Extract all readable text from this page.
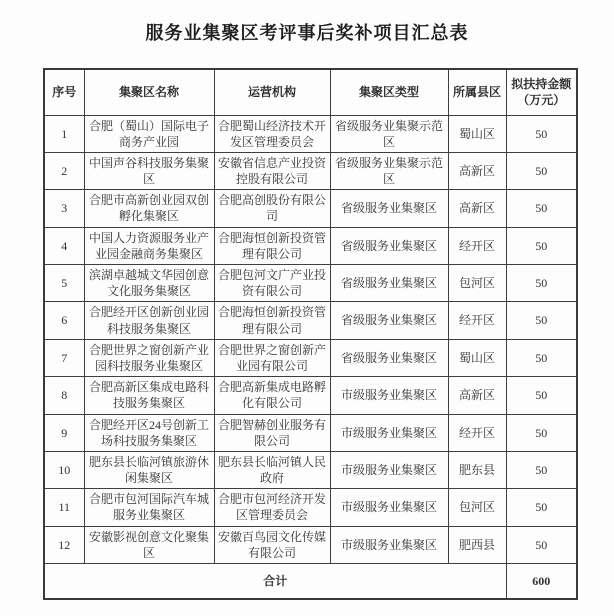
服务业集聚区考评事后奖补项目汇总表
序号	集聚区名称	运营机构	集聚区类型	所属县区	拟扶持金额（万元）
1	合肥（蜀山）国际电子商务产业园	合肥蜀山经济技术开发区管理委员会	省级服务业集聚示范区	蜀山区	50
2	中国声谷科技服务集聚区	安徽省信息产业投资控股有限公司	省级服务业集聚示范区	高新区	50
3	合肥市高新创业园双创孵化集聚区	合肥高创股份有限公司	省级服务业集聚区	高新区	50
4	中国人力资源服务业产业园金融商务集聚区	合肥海恒创新投资管理有限公司	省级服务业集聚区	经开区	50
5	滨湖卓越城文华园创意文化服务集聚区	合肥包河文广产业投资有限公司	省级服务业集聚区	包河区	50
6	合肥经开区创新创业园科技服务集聚区	合肥海恒创新投资管理有限公司	省级服务业集聚区	经开区	50
7	合肥世界之窗创新产业园科技服务业集聚区	合肥世界之窗创新产业园有限公司	省级服务业集聚区	蜀山区	50
8	合肥高新区集成电路科技服务集聚区	合肥高新集成电路孵化有限公司	市级服务业集聚区	高新区	50
9	合肥经开区24号创新工场科技服务集聚区	合肥智赫创业服务有限公司	市级服务业集聚区	经开区	50
10	肥东县长临河镇旅游休闲集聚区	肥东县长临河镇人民政府	市级服务业集聚区	肥东县	50
11	合肥市包河国际汽车城服务业集聚区	合肥市包河经济开发区管理委员会	市级服务业集聚区	包河区	50
12	安徽影视创意文化聚集区	安徽百鸟园文化传媒有限公司	市级服务业集聚区	肥西县	50
合计					600
